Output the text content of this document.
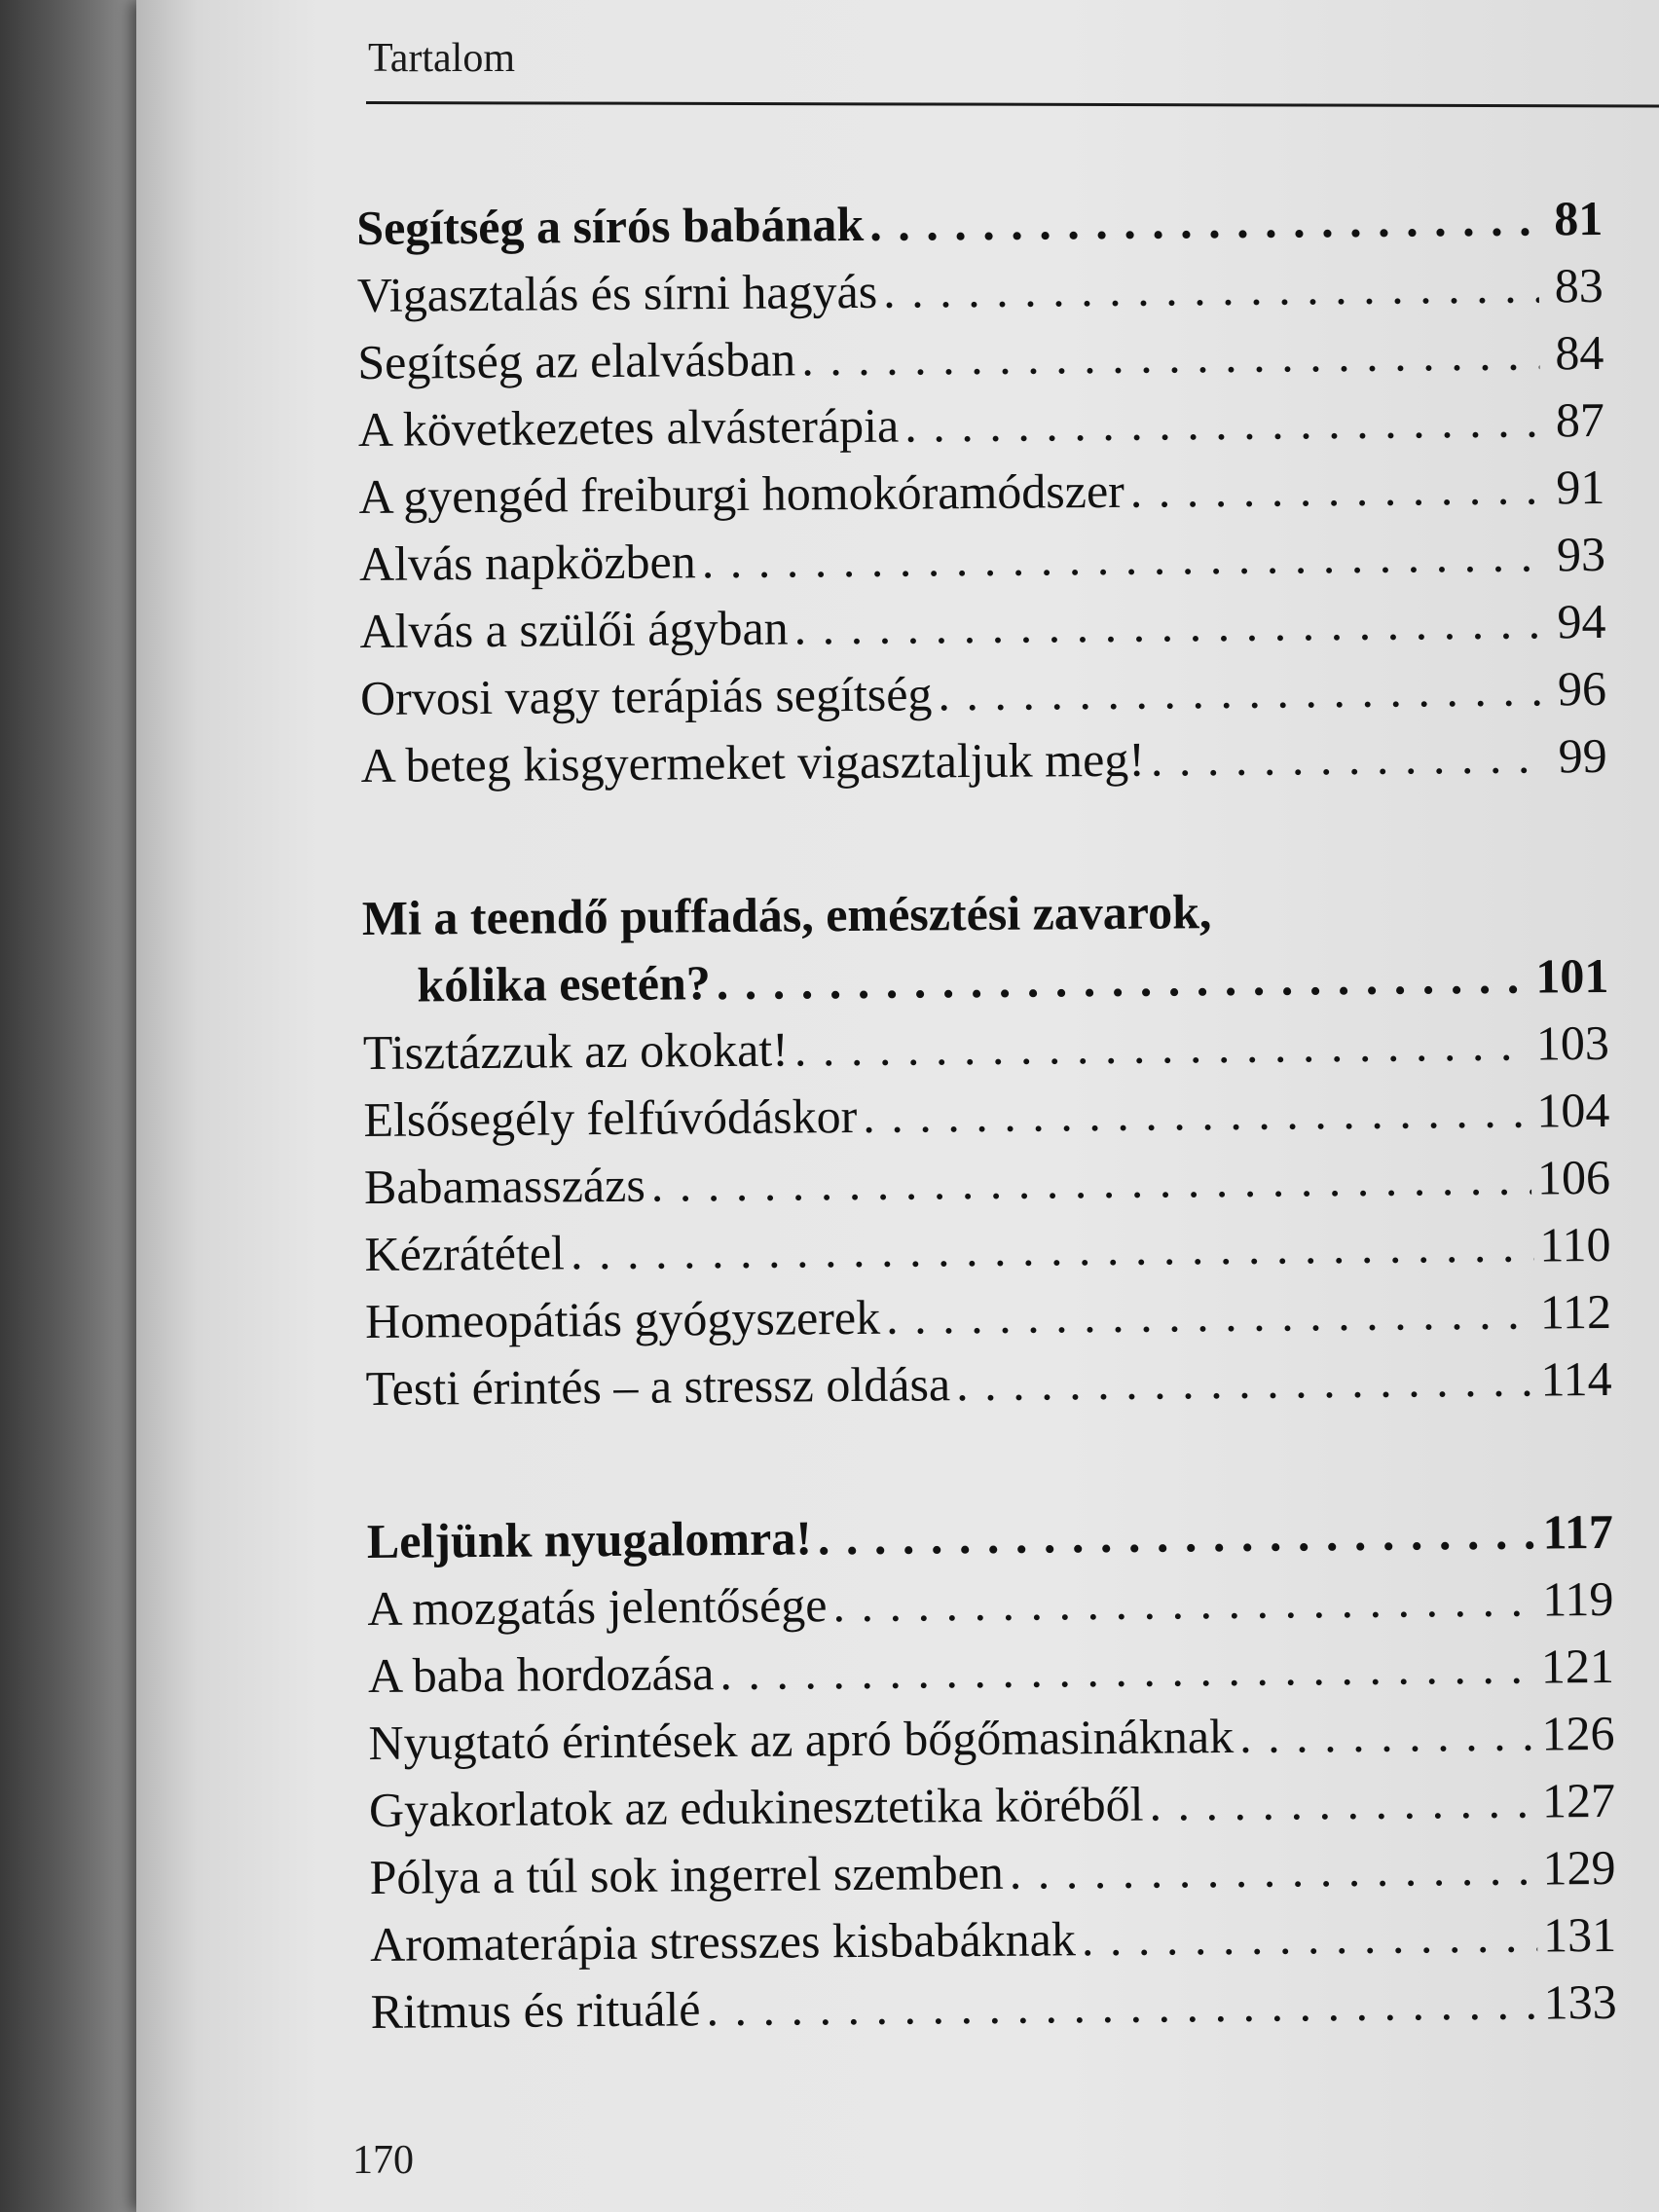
Tartalom
Segítség a sírós babának . . .	81
Vigasztalás és sírni hagyás . . .	83
Segítség az elalvásban . . .	84
A következetes alvásterápia . . .	87
A gyengéd freiburgi homokóramódszer . . .	91
Alvás napközben . . .	93
Alvás a szülői ágyban . . .	94
Orvosi vagy terápiás segítség . . .	96
A beteg kisgyermeket vigasztaljuk meg! . . .	99
Mi a teendő puffadás, emésztési zavarok,
kólika esetén? . . .	101
Tisztázzuk az okokat! . . .	103
Elsősegély felfúvódáskor . . .	104
Babamasszázs . . .	106
Kézrátétel . . .	110
Homeopátiás gyógyszerek . . .	112
Testi érintés – a stressz oldása . . .	114
Leljünk nyugalomra! . . .	117
A mozgatás jelentősége . . .	119
A baba hordozása . . .	121
Nyugtató érintések az apró bőgőmasináknak . . .	126
Gyakorlatok az edukinesztetika köréből . . .	127
Pólya a túl sok ingerrel szemben . . .	129
Aromaterápia stresszes kisbabáknak . . .	131
Ritmus és rituálé . . .	133
170
